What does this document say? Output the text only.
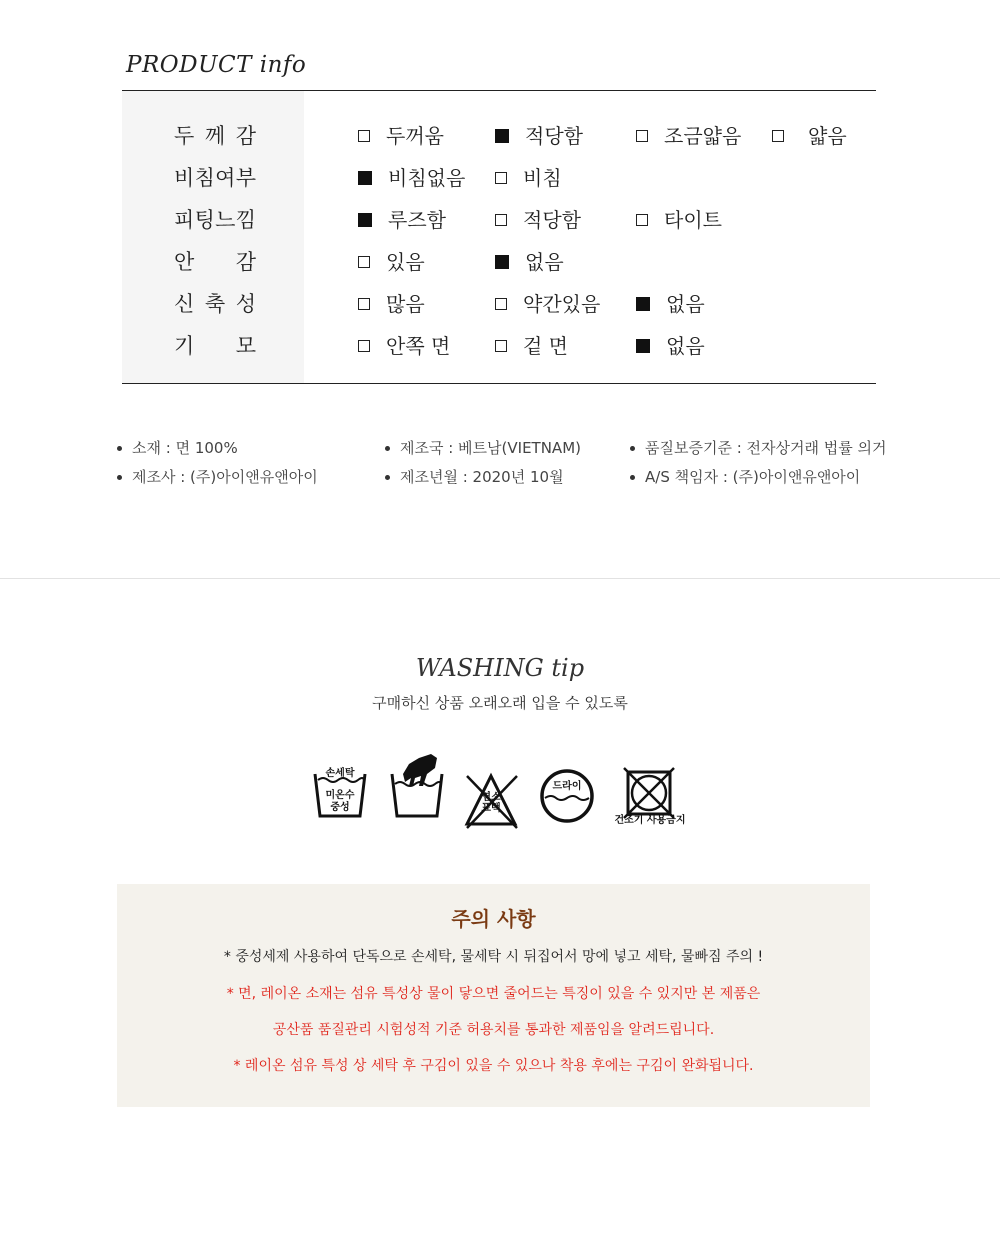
PRODUCT info
두 께 감	두꺼움	적당함	조금얇음	얇음
비 침 여 부	비침없음	비침
피 팅 느 낌	루즈함	적당함	타이트
안 감	있음	없음
신 축 성	많음	약간있음	없음
기 모	안쪽 면	겉 면	없음
소재 : 면 100%
제조사 : (주)아이앤유앤아이
제조국 : 베트남(VIETNAM)
제조년월 : 2020년 10월
품질보증기준 : 전자상거래 법률 의거
A/S 책임자 : (주)아이앤유앤아이
WASHING tip
구매하신 상품 오래오래 입을 수 있도록
손세탁
미온수
중성
염소
표백
드라이
건조기 사용금지
주의 사항
* 중성세제 사용하여 단독으로 손세탁, 물세탁 시 뒤집어서 망에 넣고 세탁, 물빠짐 주의 !
* 면, 레이온 소재는 섬유 특성상 물이 닿으면 줄어드는 특징이 있을 수 있지만 본 제품은
공산품 품질관리 시험성적 기준 허용치를 통과한 제품임을 알려드립니다.
* 레이온 섬유 특성 상 세탁 후 구김이 있을 수 있으나 착용 후에는 구김이 완화됩니다.
